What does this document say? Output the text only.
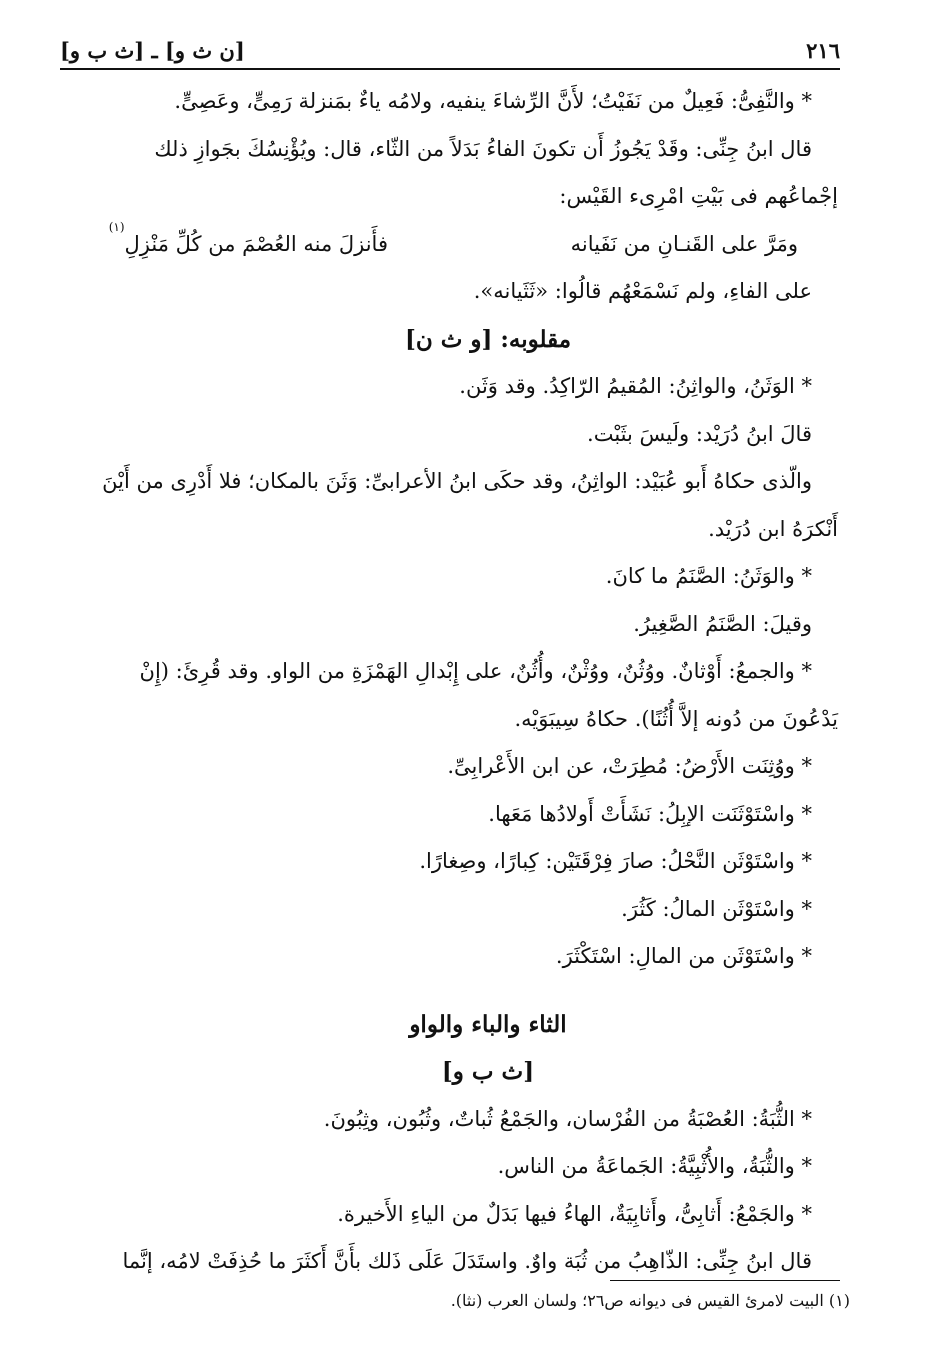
٢١٦
[ن ث و] ـ [ث ب و]

* والنَّفِىُّ: فَعِيلٌ من نَفَيْتُ؛ لأَنَّ الرِّشاءَ ينفيه، ولامُه ياءٌ بمَنزلة رَمِىٍّ، وعَصِىٍّ.

قال ابنُ جِنِّى: وقَدْ يَجُوزُ أَن تكونَ الفاءُ بَدَلاً من الثّاء، قال: ويُؤْنِسُكَ بجَوازِ ذلك

إجْماعُهم فى بَيْتِ امْرِىء القَيْس:

ومَرَّ على القَنـانِ من نَفَيانه
فأَنزلَ منه العُصْمَ من كُلِّ مَنْزِلِ$^{(١)}$

على الفاءِ، ولم نَسْمَعْهُم قالُوا: «ثَثَيانه».

مقلوبه: [و ث ن]

* الوَثَنُ، والواثِنُ: المُقيمُ الرّاكِدُ. وقد وَثَن.

قالَ ابنُ دُرَيْد: ولَيسَ بثَبْت.

والّذى حكاهُ أَبو عُبَيْد: الواثِنُ، وقد حكَى ابنُ الأعرابىِّ: وَثَنَ بالمكان؛ فلا أَدْرِى من أَيْنَ

أَنْكرَهُ ابن دُرَيْد.

* والوَثَنُ: الصَّنَمُ ما كانَ.

وقيلَ: الصَّنَمُ الصَّغِيرُ.

* والجمعُ: أَوْثانٌ. ووُثُنٌ، ووُثْنٌ، وأُثُنٌ، على إِبْدالِ الهَمْزَةِ من الواو. وقد قُرِئَ: (إِنْ

يَدْعُونَ من دُونه إلاَّ أُثُنًا). حكاهُ سِيبَوَيْه.

* ووُثِنَت الأَرْضُ: مُطِرَتْ، عن ابن الأَعْرابِىِّ.

* واسْتَوْثَنَت الإبِلُ: نَشَأَتْ أَولادُها مَعَها.

* واسْتَوْثَن النَّحْلُ: صارَ فِرْقَتَيْن: كِبارًا، وصِغارًا.

* واسْتَوْثَن المالُ: كَثُرَ.

* واسْتَوْثَن من المالِ: اسْتَكْثَرَ.

الثاء والباء والواو

[ث ب و]

* الثُّبَةُ: العُصْبَةُ من الفُرْسان، والجَمْعُ ثُباتٌ، وثُبُون، وثِبُونَ.

* والثُّبَةُ، والأُثْبِيَّةُ: الجَماعَةُ من الناس.

* والجَمْعُ: أَثابِىُّ، وأَثابِيَةٌ، الهاءُ فيها بَدَلٌ من الياءِ الأَخيرة.

قال ابنُ جِنِّى: الذّاهِبُ من ثُبَة واوٌ. واستَدَلَ عَلَى ذَلك بأَنَّ أَكثَرَ ما حُذِفَتْ لامُه، إنَّما

(١) البيت لامرئ القيس فى ديوانه ص٢٦؛ ولسان العرب (نثا).
